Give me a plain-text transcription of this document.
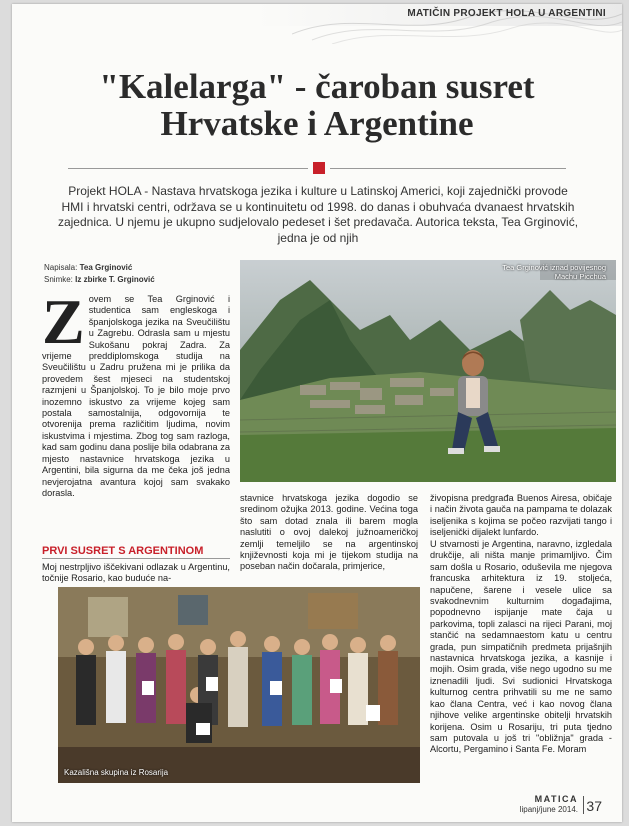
MATIČIN PROJEKT HOLA U ARGENTINI
"Kalelarga" - čaroban susret
Hrvatske i Argentine

Projekt HOLA - Nastava hrvatskoga jezika i kulture u Latinskoj Americi, koji zajednički provode HMI i hrvatski centri, održava se u kontinuitetu od 1998. do danas i obuhvaća dvanaest hrvatskih zajednica. U njemu je ukupno sudjelovalo pedeset i šet predavača. Autorica teksta, Tea Grginović, jedna je od njih

Napisala: Tea Grginović
Snimke: Iz zbirke T. Grginović
Tea Grginović iznad povijesnog Machu Picchua
Z ovem se Tea Grginović i studentica sam engleskoga i španjolskoga jezika na Sveučilištu u Zagrebu. Odrasla sam u mjestu Sukošanu pokraj Zadra. Za vrijeme preddiplomskoga studija na Sveučilištu u Zadru pružena mi je prilika da provedem šest mjeseci na studentskoj razmjeni u Španjolskoj. To je bilo moje prvo inozemno iskustvo za vrijeme kojeg sam postala samostalnija, odgovornija te otvorenija prema različitim ljudima, novim iskustvima i mjestima. Zbog tog sam razloga, kad sam godinu dana poslije bila odabrana za mjesto nastavnice hrvatskoga jezika u Argentini, bila sigurna da me čeka još jedna nevjerojatna avantura kojoj sam svakako dorasla.
PRVI SUSRET S ARGENTINOM
Moj nestrpljivo iščekivani odlazak u Argentinu, točnije Rosario, kao buduće na-
stavnice hrvatskoga jezika dogodio se sredinom ožujka 2013. godine. Većina toga što sam dotad znala ili barem mogla naslutiti o ovoj dalekoj južnoameričkoj zemlji temeljilo se na argentinskoj književnosti koja mi je tijekom studija na poseban način dočarala, primjerice,
živopisna predgrađa Buenos Airesa, običaje i način života gauča na pampama te dolazak iseljenika s kojima se počeo razvijati tango i iseljenički dijalekt lunfardo.
U stvarnosti je Argentina, naravno, izgledala drukčije, ali ništa manje primamljivo. Čim sam došla u Rosario, oduševila me njegova francuska arhitektura iz 19. stoljeća, napučene, šarene i vesele ulice sa svakodnevnim kulturnim događajima, popodnevno ispijanje mate čaja u parkovima, topli zalasci na rijeci Parani, moj stančić na sedamnaestom katu u centru grada, pun simpatičnih predmeta prijašnjih nastavnica hrvatskoga jezika, a kasnije i mojih. Osim grada, više nego ugodno su me iznenadili ljudi. Svi sudionici Hrvatskoga kulturnog centra prihvatili su me ne samo kao člana Centra, već i kao novog člana njihove velike argentinske obitelji hrvatskih korijena. Osim u Rosariju, tri puta tjedno sam putovala u još tri "obližnja" grada - Alcortu, Pergamino i Santa Fe. Moram
Kazališna skupina iz Rosarija
MATICA
lipanj/june 2014. 37
